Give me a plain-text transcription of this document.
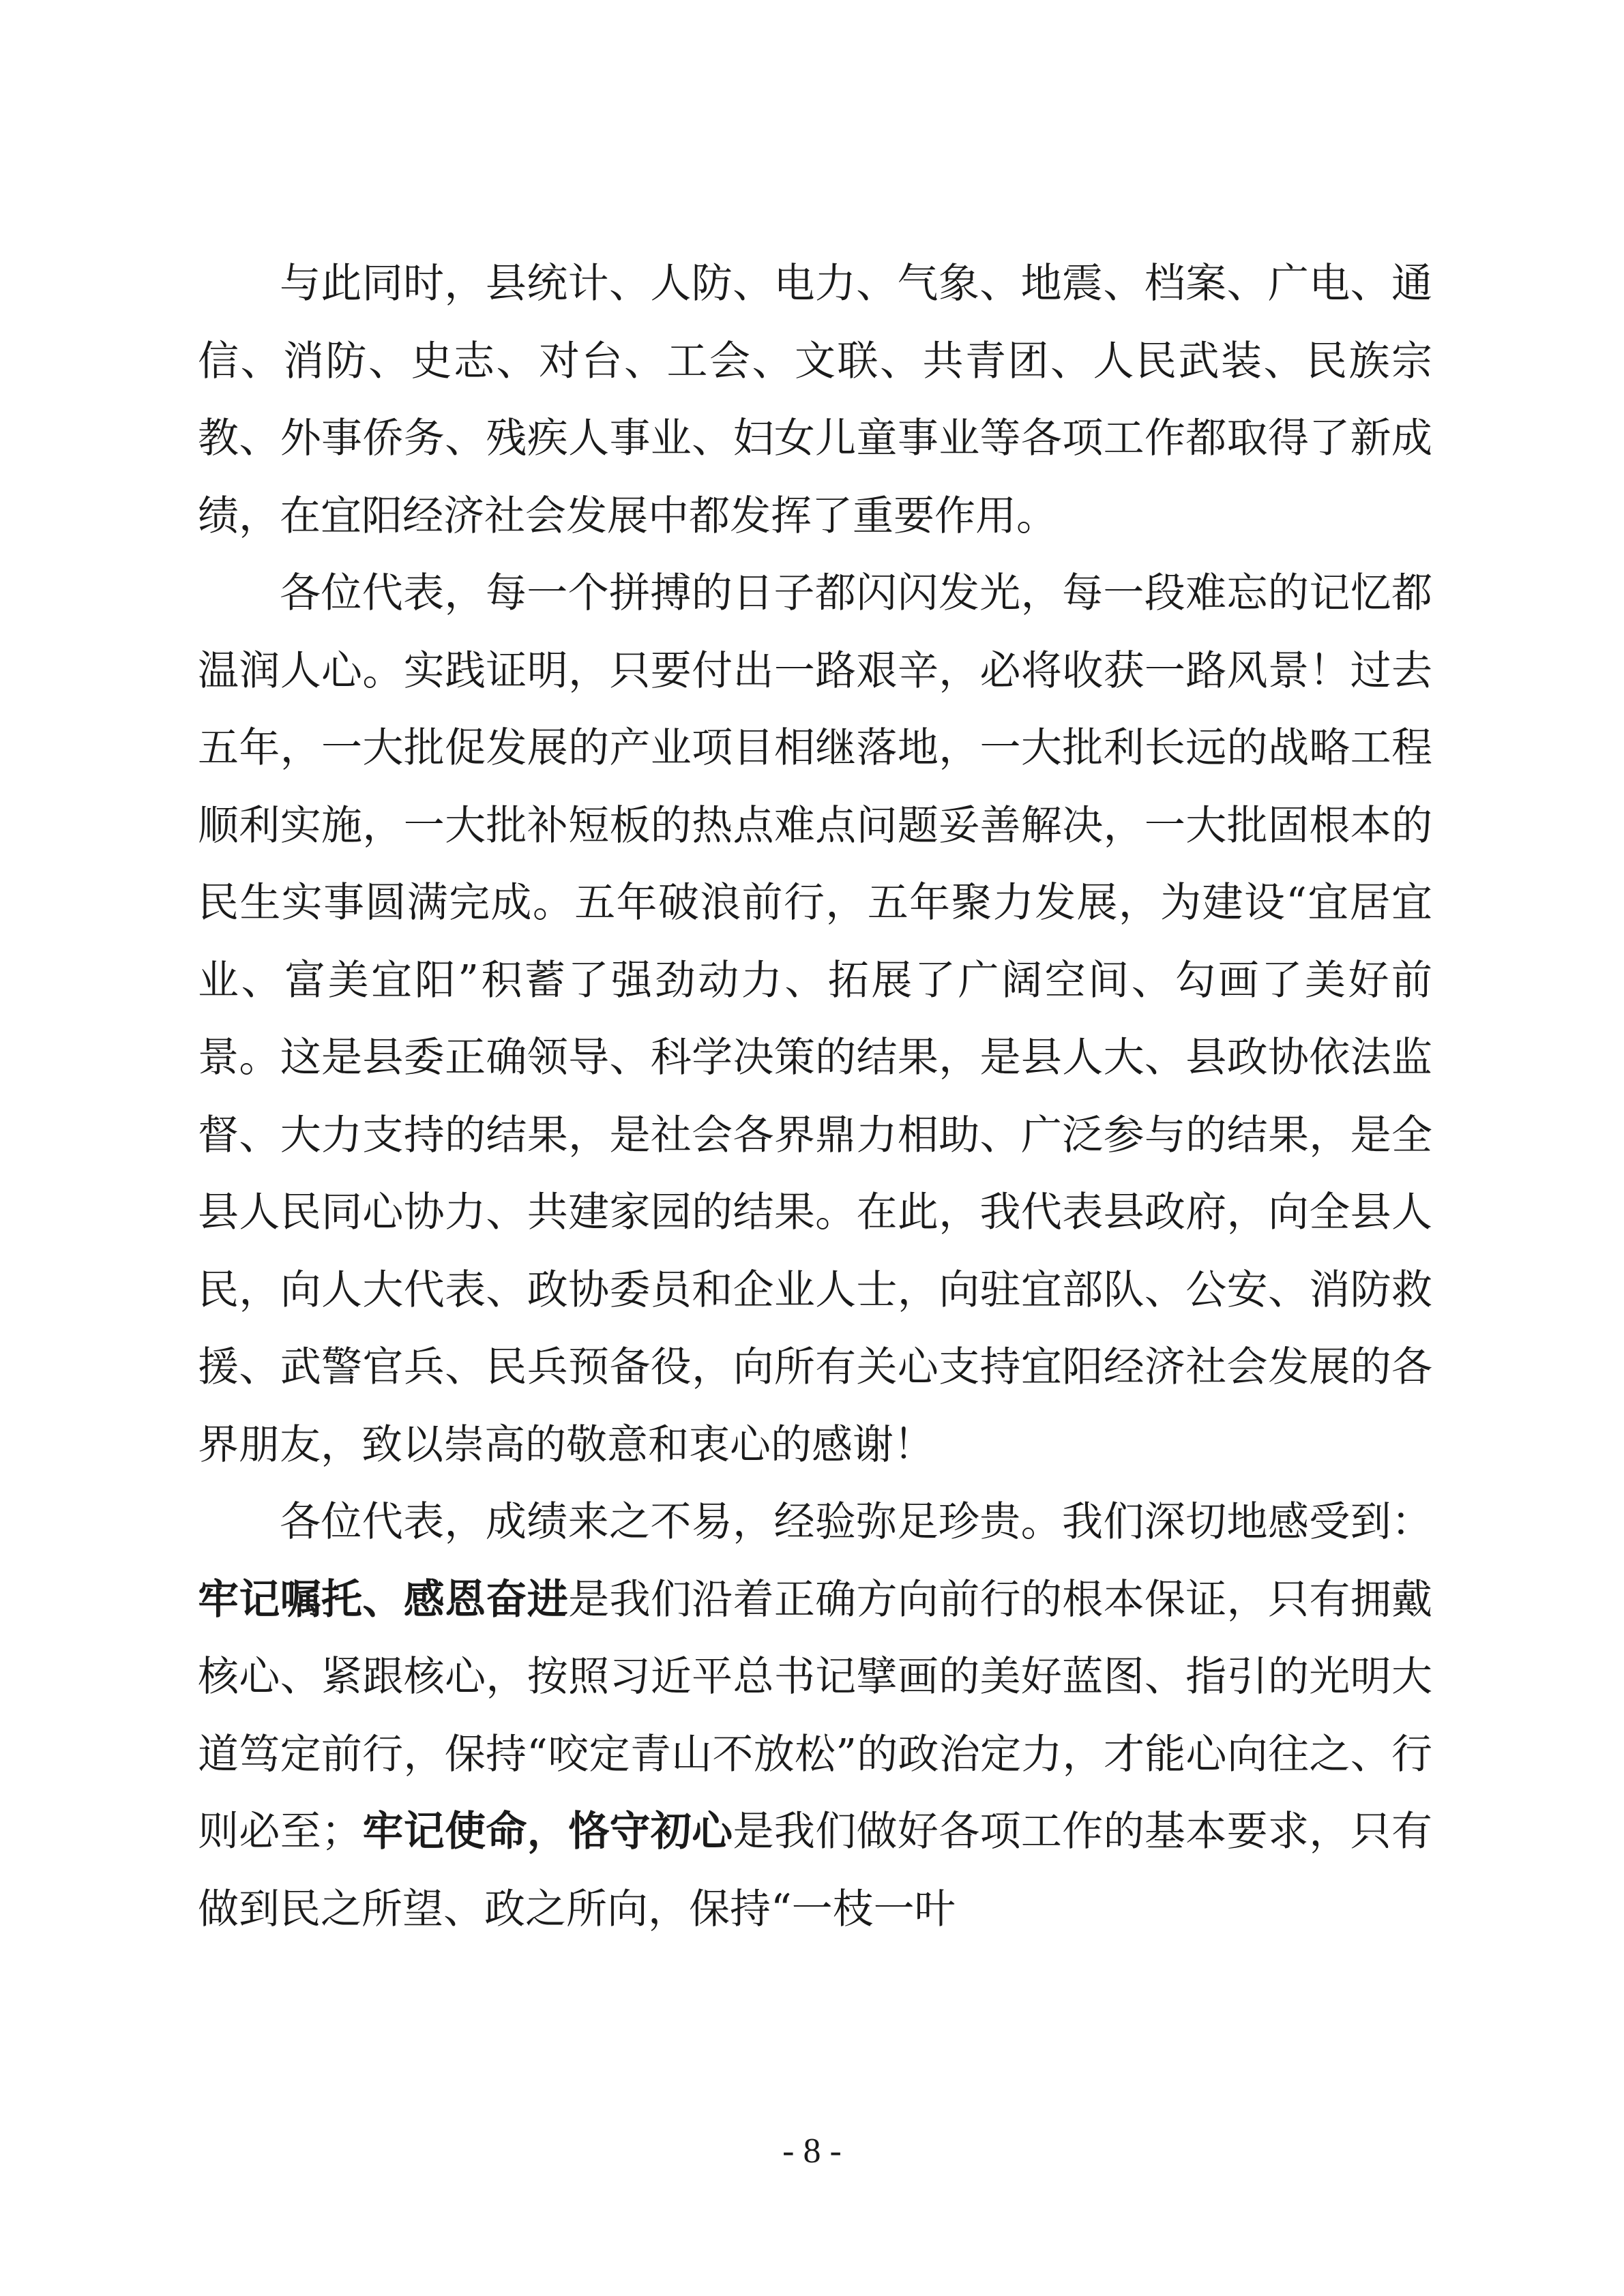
与此同时，县统计、人防、电力、气象、地震、档案、广电、通信、消防、史志、对台、工会、文联、共青团、人民武装、民族宗教、外事侨务、残疾人事业、妇女儿童事业等各项工作都取得了新成绩，在宜阳经济社会发展中都发挥了重要作用。

各位代表，每一个拼搏的日子都闪闪发光，每一段难忘的记忆都温润人心。实践证明，只要付出一路艰辛，必将收获一路风景！过去五年，一大批促发展的产业项目相继落地，一大批利长远的战略工程顺利实施，一大批补短板的热点难点问题妥善解决，一大批固根本的民生实事圆满完成。五年破浪前行，五年聚力发展，为建设“宜居宜业、富美宜阳”积蓄了强劲动力、拓展了广阔空间、勾画了美好前景。这是县委正确领导、科学决策的结果，是县人大、县政协依法监督、大力支持的结果，是社会各界鼎力相助、广泛参与的结果，是全县人民同心协力、共建家园的结果。在此，我代表县政府，向全县人民，向人大代表、政协委员和企业人士，向驻宜部队、公安、消防救援、武警官兵、民兵预备役，向所有关心支持宜阳经济社会发展的各界朋友，致以崇高的敬意和衷心的感谢！

各位代表，成绩来之不易，经验弥足珍贵。我们深切地感受到：牢记嘱托、感恩奋进是我们沿着正确方向前行的根本保证，只有拥戴核心、紧跟核心，按照习近平总书记擘画的美好蓝图、指引的光明大道笃定前行，保持“咬定青山不放松”的政治定力，才能心向往之、行则必至；牢记使命，恪守初心是我们做好各项工作的基本要求，只有做到民之所望、政之所向，保持“一枝一叶

- 8 -
